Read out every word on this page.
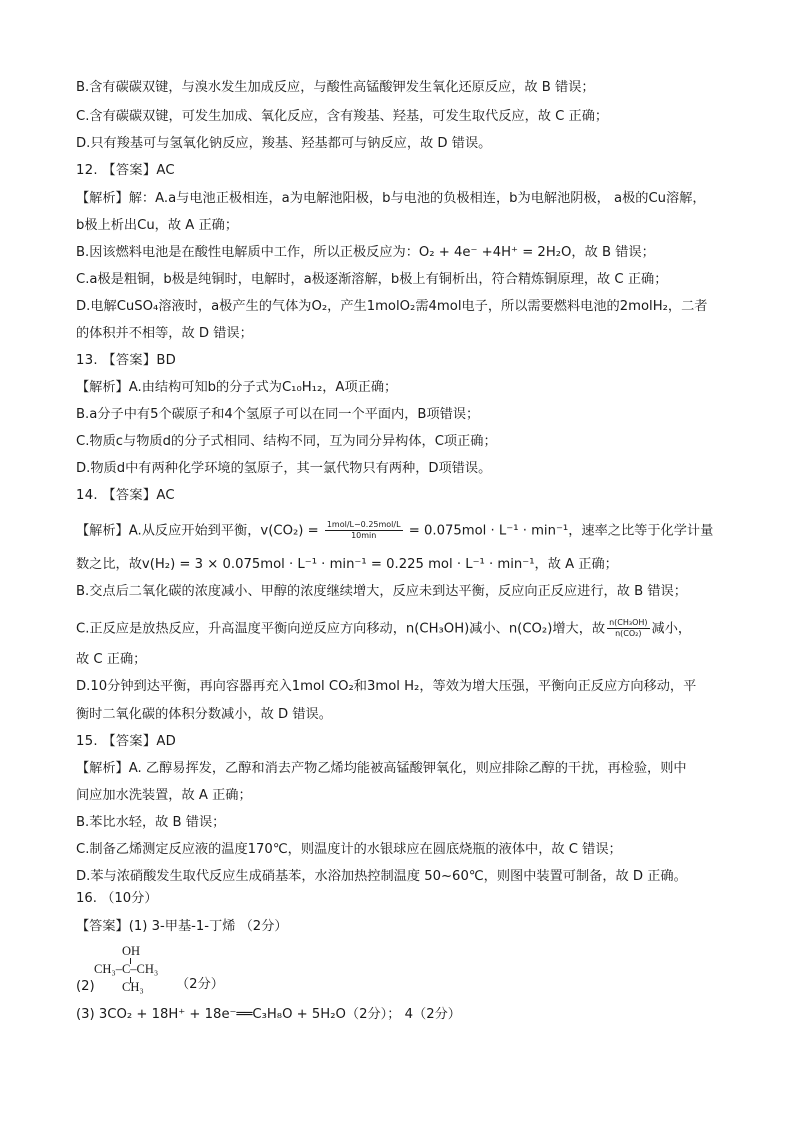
B.含有碳碳双键，与溴水发生加成反应，与酸性高锰酸钾发生氧化还原反应，故 B 错误；
C.含有碳碳双键，可发生加成、氧化反应，含有羧基、羟基，可发生取代反应，故 C 正确；
D.只有羧基可与氢氧化钠反应，羧基、羟基都可与钠反应，故 D 错误。
12. 【答案】AC
【解析】解：A.a与电池正极相连，a为电解池阳极，b与电池的负极相连，b为电解池阴极， a极的Cu溶解，
b极上析出Cu，故 A 正确；
B.因该燃料电池是在酸性电解质中工作，所以正极反应为：O₂ + 4e⁻ +4H⁺ = 2H₂O，故 B 错误；
C.a极是粗铜，b极是纯铜时，电解时，a极逐渐溶解，b极上有铜析出，符合精炼铜原理，故 C 正确；
D.电解CuSO₄溶液时，a极产生的气体为O₂，产生1molO₂需4mol电子，所以需要燃料电池的2molH₂，二者
的体积并不相等，故 D 错误；
13. 【答案】BD
【解析】A.由结构可知b的分子式为C₁₀H₁₂，A项正确；
B.a分子中有5个碳原子和4个氢原子可以在同一个平面内，B项错误；
C.物质c与物质d的分子式相同、结构不同，互为同分异构体，C项正确；
D.物质d中有两种化学环境的氢原子，其一氯代物只有两种，D项错误。
14. 【答案】AC
【解析】A.从反应开始到平衡，$v(CO_2) = \frac{\text{1mol/L−0.25mol/L}}{10\min} = 0.075mol \cdot L^{-1} \cdot \min^{-1}$，速率之比等于化学计量
数之比，故v(H₂) = 3 × 0.075mol · L⁻¹ · min⁻¹ = 0.225 mol · L⁻¹ · min⁻¹，故 A 正确；
B.交点后二氧化碳的浓度减小、甲醇的浓度继续增大，反应未到达平衡，反应向正反应进行，故 B 错误；
C.正反应是放热反应，升高温度平衡向逆反应方向移动，n(CH₃OH)减小、n(CO₂)增大，故 $\frac{\text{n(CH₃OH)}}{\text{n(CO₂)}}$ 减小，
故 C 正确；
D.10分钟到达平衡，再向容器再充入1mol CO₂和3mol H₂，等效为增大压强，平衡向正反应方向移动，平
衡时二氧化碳的体积分数减小，故 D 错误。
15. 【答案】AD
【解析】A. 乙醇易挥发，乙醇和消去产物乙烯均能被高锰酸钾氧化，则应排除乙醇的干扰，再检验，则中
间应加水洗装置，故 A 正确；
B.苯比水轻，故 B 错误；
C.制备乙烯测定反应液的温度170℃，则温度计的水银球应在圆底烧瓶的液体中，故 C 错误；
D.苯与浓硝酸发生取代反应生成硝基苯，水浴加热控制温度 50~60℃，则图中装置可制备，故 D 正确。
16. （10分）
【答案】(1) 3-甲基-1-丁烯 （2分）
OH
CH₃–C–CH₃
CH₃
(2)	（2分）
(3) 3CO₂ + 18H⁺ + 18e⁻══C₃H₈O + 5H₂O（2分）； 4（2分）
